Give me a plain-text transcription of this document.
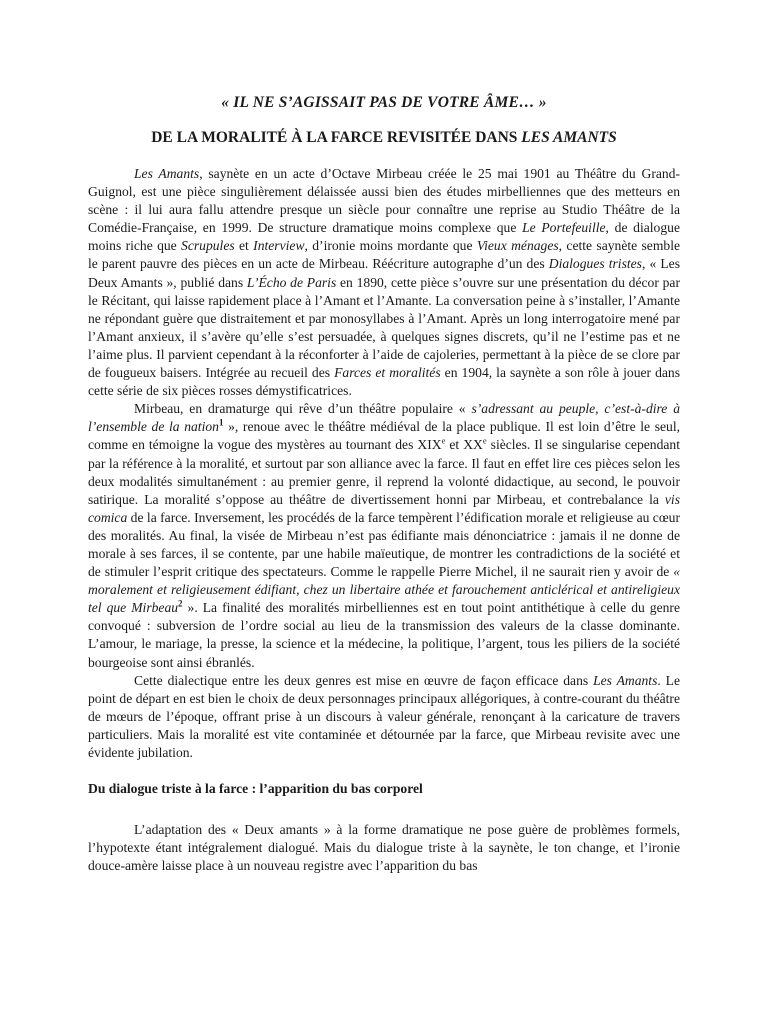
« IL NE S’AGISSAIT PAS DE VOTRE ÂME… »
DE LA MORALITÉ À LA FARCE REVISITÉE DANS LES AMANTS

Les Amants, saynète en un acte d’Octave Mirbeau créée le 25 mai 1901 au Théâtre du Grand-Guignol, est une pièce singulièrement délaissée aussi bien des études mirbelliennes que des metteurs en scène : il lui aura fallu attendre presque un siècle pour connaître une reprise au Studio Théâtre de la Comédie-Française, en 1999. De structure dramatique moins complexe que Le Portefeuille, de dialogue moins riche que Scrupules et Interview, d’ironie moins mordante que Vieux ménages, cette saynète semble le parent pauvre des pièces en un acte de Mirbeau. Réécriture autographe d’un des Dialogues tristes, « Les Deux Amants », publié dans L’Écho de Paris en 1890, cette pièce s’ouvre sur une présentation du décor par le Récitant, qui laisse rapidement place à l’Amant et l’Amante. La conversation peine à s’installer, l’Amante ne répondant guère que distraitement et par monosyllabes à l’Amant. Après un long interrogatoire mené par l’Amant anxieux, il s’avère qu’elle s’est persuadée, à quelques signes discrets, qu’il ne l’estime pas et ne l’aime plus. Il parvient cependant à la réconforter à l’aide de cajoleries, permettant à la pièce de se clore par de fougueux baisers. Intégrée au recueil des Farces et moralités en 1904, la saynète a son rôle à jouer dans cette série de six pièces rosses démystificatrices.

Mirbeau, en dramaturge qui rêve d’un théâtre populaire « s’adressant au peuple, c’est-à-dire à l’ensemble de la nation$^1$ », renoue avec le théâtre médiéval de la place publique. Il est loin d’être le seul, comme en témoigne la vogue des mystères au tournant des XIXe et XXe siècles. Il se singularise cependant par la référence à la moralité, et surtout par son alliance avec la farce. Il faut en effet lire ces pièces selon les deux modalités simultanément : au premier genre, il reprend la volonté didactique, au second, le pouvoir satirique. La moralité s’oppose au théâtre de divertissement honni par Mirbeau, et contrebalance la vis comica de la farce. Inversement, les procédés de la farce tempèrent l’édification morale et religieuse au cœur des moralités. Au final, la visée de Mirbeau n’est pas édifiante mais dénonciatrice : jamais il ne donne de morale à ses farces, il se contente, par une habile maïeutique, de montrer les contradictions de la société et de stimuler l’esprit critique des spectateurs. Comme le rappelle Pierre Michel, il ne saurait rien y avoir de « moralement et religieusement édifiant, chez un libertaire athée et farouchement anticlérical et antireligieux tel que Mirbeau$^2$ ». La finalité des moralités mirbelliennes est en tout point antithétique à celle du genre convoqué : subversion de l’ordre social au lieu de la transmission des valeurs de la classe dominante. L’amour, le mariage, la presse, la science et la médecine, la politique, l’argent, tous les piliers de la société bourgeoise sont ainsi ébranlés.

Cette dialectique entre les deux genres est mise en œuvre de façon efficace dans Les Amants. Le point de départ en est bien le choix de deux personnages principaux allégoriques, à contre-courant du théâtre de mœurs de l’époque, offrant prise à un discours à valeur générale, renonçant à la caricature de travers particuliers. Mais la moralité est vite contaminée et détournée par la farce, que Mirbeau revisite avec une évidente jubilation.

Du dialogue triste à la farce : l’apparition du bas corporel

L’adaptation des « Deux amants » à la forme dramatique ne pose guère de problèmes formels, l’hypotexte étant intégralement dialogué. Mais du dialogue triste à la saynète, le ton change, et l’ironie douce-amère laisse place à un nouveau registre avec l’apparition du bas
